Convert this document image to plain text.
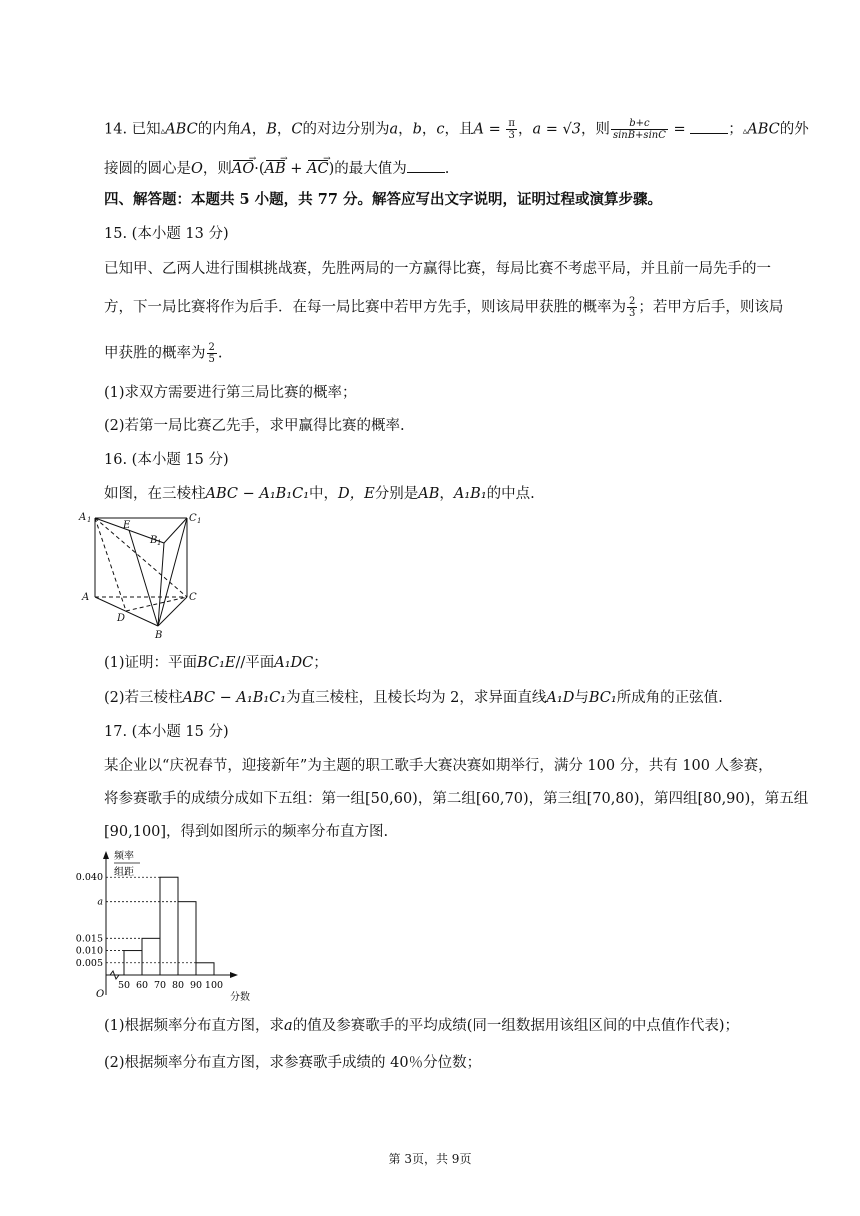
14. 已知▵ABC的内角A，B，C的对边分别为a，b，c，且$A = \frac{\pi}{3}$ ，a = √3，则 $\frac{b+c}{\sin B+\sin C}$ =	；▵ABC的外
接圆的圆心是O，则AO →·(AB → + AC →)的最大值为	.
四、解答题：本题共 5 小题，共 77 分。解答应写出文字说明，证明过程或演算步骤。
15. (本小题 13 分)
已知甲、乙两人进行围棋挑战赛，先胜两局的一方赢得比赛，每局比赛不考虑平局，并且前一局先手的一
方，下一局比赛将作为后手．在每一局比赛中若甲方先手，则该局甲获胜的概率为 $\frac{2}{3}$ ；若甲方后手，则该局
甲获胜的概率为 $\frac{2}{5}$ .
(1)求双方需要进行第三局比赛的概率；
(2)若第一局比赛乙先手，求甲赢得比赛的概率.
16. (本小题 15 分)
如图，在三棱柱ABC − A₁B₁C₁中，D，E分别是AB，A₁B₁的中点.
A 1	C 1
E
B 1
A	C
D
B
(1)证明：平面BC₁E//平面A₁DC；
(2)若三棱柱ABC − A₁B₁C₁为直三棱柱，且棱长均为 2，求异面直线A₁D与BC₁所成角的正弦值.
17. (本小题 15 分)
某企业以“庆祝春节，迎接新年”为主题的职工歌手大赛决赛如期举行，满分 100 分，共有 100 人参赛，
将参赛歌手的成绩分成如下五组：第一组[50,60)，第二组[60,70)，第三组[70,80)，第四组[80,90)，第五组
[90,100]，得到如图所示的频率分布直方图.
频率
组距
分数
O
0.040
a
0.015
0.010
0.005
50 60 70 80 90 100
(1)根据频率分布直方图，求a的值及参赛歌手的平均成绩(同一组数据用该组区间的中点值作代表)；
(2)根据频率分布直方图，求参赛歌手成绩的 40％分位数；
第 3页，共 9页
